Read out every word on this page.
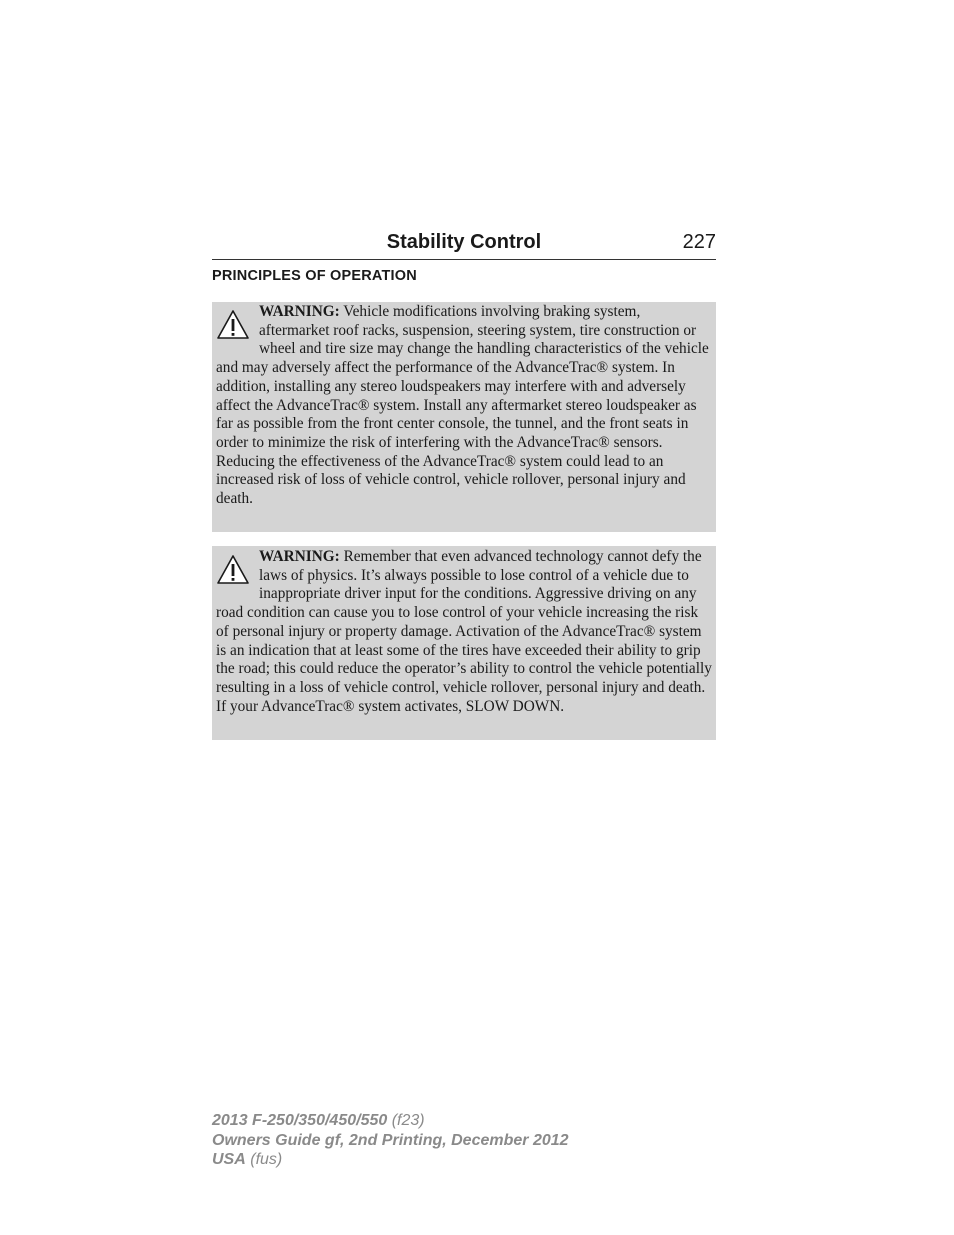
Stability Control	227
PRINCIPLES OF OPERATION
WARNING: Vehicle modifications involving braking system, aftermarket roof racks, suspension, steering system, tire construction or wheel and tire size may change the handling characteristics of the vehicle and may adversely affect the performance of the AdvanceTrac® system. In addition, installing any stereo loudspeakers may interfere with and adversely affect the AdvanceTrac® system. Install any aftermarket stereo loudspeaker as far as possible from the front center console, the tunnel, and the front seats in order to minimize the risk of interfering with the AdvanceTrac® sensors. Reducing the effectiveness of the AdvanceTrac® system could lead to an increased risk of loss of vehicle control, vehicle rollover, personal injury and death.
WARNING: Remember that even advanced technology cannot defy the laws of physics. It’s always possible to lose control of a vehicle due to inappropriate driver input for the conditions. Aggressive driving on any road condition can cause you to lose control of your vehicle increasing the risk of personal injury or property damage. Activation of the AdvanceTrac® system is an indication that at least some of the tires have exceeded their ability to grip the road; this could reduce the operator’s ability to control the vehicle potentially resulting in a loss of vehicle control, vehicle rollover, personal injury and death. If your AdvanceTrac® system activates, SLOW DOWN.
2013 F-250/350/450/550 (f23)
Owners Guide gf, 2nd Printing, December 2012
USA (fus)
